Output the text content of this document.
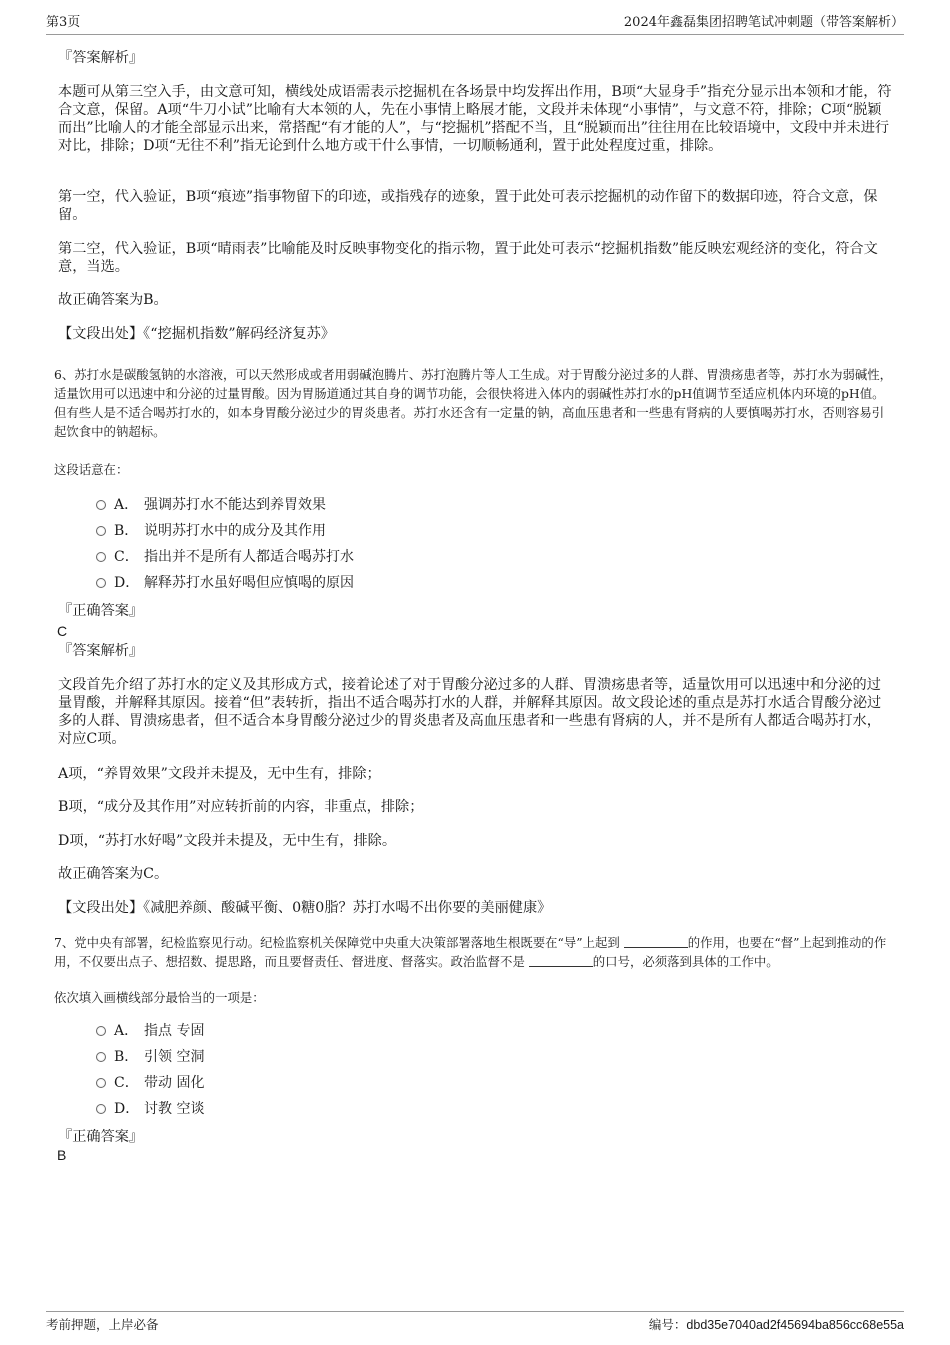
第3页	2024年鑫磊集团招聘笔试冲刺题（带答案解析）
『答案解析』

本题可从第三空入手，由文意可知，横线处成语需表示挖掘机在各场景中均发挥出作用，B项“大显身手”指充分显示出本领和才能，符合文意，保留。A项“牛刀小试”比喻有大本领的人，先在小事情上略展才能，文段并未体现“小事情”，与文意不符，排除；C项“脱颖而出”比喻人的才能全部显示出来，常搭配“有才能的人”，与“挖掘机”搭配不当，且“脱颖而出”往往用在比较语境中，文段中并未进行对比，排除；D项“无往不利”指无论到什么地方或干什么事情，一切顺畅通利，置于此处程度过重，排除。

第一空，代入验证，B项“痕迹”指事物留下的印迹，或指残存的迹象，置于此处可表示挖掘机的动作留下的数据印迹，符合文意，保留。

第二空，代入验证，B项“晴雨表”比喻能及时反映事物变化的指示物，置于此处可表示“挖掘机指数”能反映宏观经济的变化，符合文意，当选。

故正确答案为B。

【文段出处】《“挖掘机指数”解码经济复苏》

6、苏打水是碳酸氢钠的水溶液，可以天然形成或者用弱碱泡腾片、苏打泡腾片等人工生成。对于胃酸分泌过多的人群、胃溃疡患者等，苏打水为弱碱性，适量饮用可以迅速中和分泌的过量胃酸。因为胃肠道通过其自身的调节功能，会很快将进入体内的弱碱性苏打水的pH值调节至适应机体内环境的pH值。但有些人是不适合喝苏打水的，如本身胃酸分泌过少的胃炎患者。苏打水还含有一定量的钠，高血压患者和一些患有肾病的人要慎喝苏打水，否则容易引起饮食中的钠超标。

这段话意在：

A． 强调苏打水不能达到养胃效果
B． 说明苏打水中的成分及其作用
C． 指出并不是所有人都适合喝苏打水
D． 解释苏打水虽好喝但应慎喝的原因
『正确答案』
C
『答案解析』

文段首先介绍了苏打水的定义及其形成方式，接着论述了对于胃酸分泌过多的人群、胃溃疡患者等，适量饮用可以迅速中和分泌的过量胃酸，并解释其原因。接着“但”表转折，指出不适合喝苏打水的人群，并解释其原因。故文段论述的重点是苏打水适合胃酸分泌过多的人群、胃溃疡患者，但不适合本身胃酸分泌过少的胃炎患者及高血压患者和一些患有肾病的人，并不是所有人都适合喝苏打水，对应C项。

A项，“养胃效果”文段并未提及，无中生有，排除；

B项，“成分及其作用”对应转折前的内容，非重点，排除；

D项，“苏打水好喝”文段并未提及，无中生有，排除。

故正确答案为C。

【文段出处】《减肥养颜、酸碱平衡、0糖0脂？苏打水喝不出你要的美丽健康》

7、党中央有部署，纪检监察见行动。纪检监察机关保障党中央重大决策部署落地生根既要在“导”上起到	的作用，也要在“督”上起到推动的作用，不仅要出点子、想招数、提思路，而且要督责任、督进度、督落实。政治监督不是	的口号，必须落到具体的工作中。

依次填入画横线部分最恰当的一项是：

A． 指点 专固
B． 引领 空洞
C． 带动 固化
D． 讨教 空谈
『正确答案』
B
考前押题，上岸必备	编号：dbd35e7040ad2f45694ba856cc68e55a
